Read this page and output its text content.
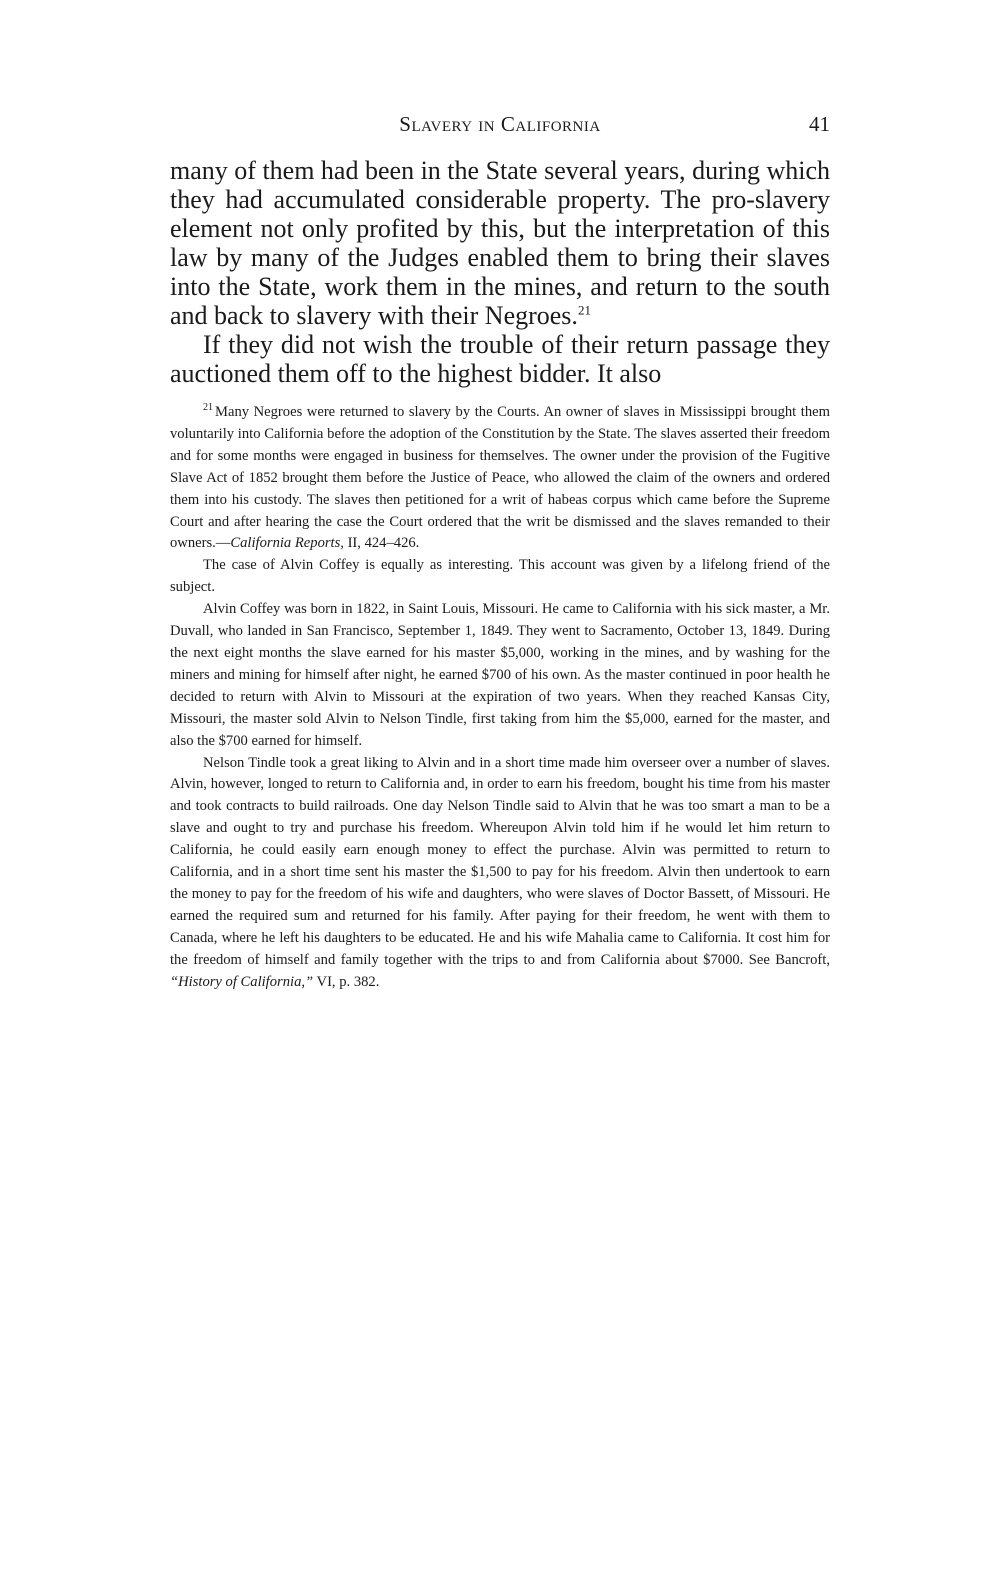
Slavery in California	41

many of them had been in the State several years, during which they had accumulated considerable property. The pro-slavery element not only profited by this, but the interpretation of this law by many of the Judges enabled them to bring their slaves into the State, work them in the mines, and return to the south and back to slavery with their Negroes.$^{21}$

If they did not wish the trouble of their return passage they auctioned them off to the highest bidder. It also

$^{21}$ Many Negroes were returned to slavery by the Courts. An owner of slaves in Mississippi brought them voluntarily into California before the adoption of the Constitution by the State. The slaves asserted their freedom and for some months were engaged in business for themselves. The owner under the provision of the Fugitive Slave Act of 1852 brought them before the Justice of Peace, who allowed the claim of the owners and ordered them into his custody. The slaves then petitioned for a writ of habeas corpus which came before the Supreme Court and after hearing the case the Court ordered that the writ be dismissed and the slaves remanded to their owners.—California Reports, II, 424–426.

The case of Alvin Coffey is equally as interesting. This account was given by a lifelong friend of the subject.

Alvin Coffey was born in 1822, in Saint Louis, Missouri. He came to California with his sick master, a Mr. Duvall, who landed in San Francisco, September 1, 1849. They went to Sacramento, October 13, 1849. During the next eight months the slave earned for his master $5,000, working in the mines, and by washing for the miners and mining for himself after night, he earned $700 of his own. As the master continued in poor health he decided to return with Alvin to Missouri at the expiration of two years. When they reached Kansas City, Missouri, the master sold Alvin to Nelson Tindle, first taking from him the $5,000, earned for the master, and also the $700 earned for himself.

Nelson Tindle took a great liking to Alvin and in a short time made him overseer over a number of slaves. Alvin, however, longed to return to California and, in order to earn his freedom, bought his time from his master and took contracts to build railroads. One day Nelson Tindle said to Alvin that he was too smart a man to be a slave and ought to try and purchase his freedom. Whereupon Alvin told him if he would let him return to California, he could easily earn enough money to effect the purchase. Alvin was permitted to return to California, and in a short time sent his master the $1,500 to pay for his freedom. Alvin then undertook to earn the money to pay for the freedom of his wife and daughters, who were slaves of Doctor Bassett, of Missouri. He earned the required sum and returned for his family. After paying for their freedom, he went with them to Canada, where he left his daughters to be educated. He and his wife Mahalia came to California. It cost him for the freedom of himself and family together with the trips to and from California about $7000. See Bancroft, “History of California,” VI, p. 382.
